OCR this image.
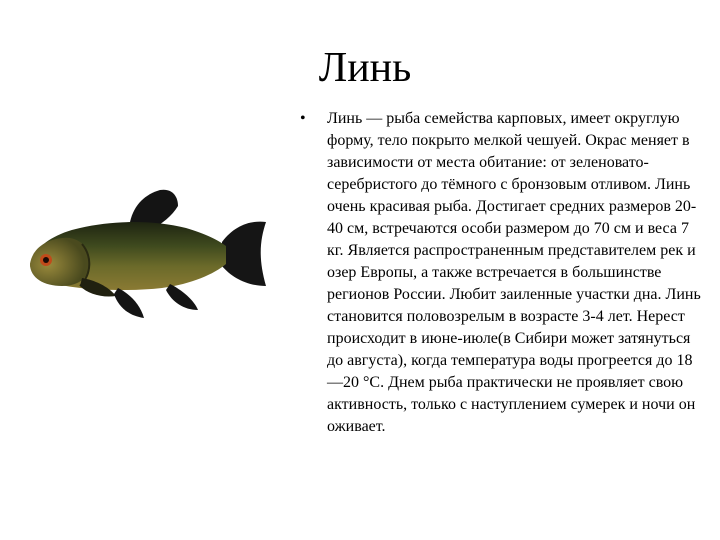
Линь
• Линь — рыба семейства карповых, имеет округлую форму, тело покрыто мелкой чешуей. Окрас меняет в зависимости от места обитание: от зеленовато-серебристого до тёмного с бронзовым отливом. Линь очень красивая рыба. Достигает средних размеров 20-40 см, встречаются особи размером до 70 см и веса 7 кг. Является распространенным представителем рек и озер Европы, а также встречается в большинстве регионов России. Любит заиленные участки дна. Линь становится половозрелым в возрасте 3-4 лет. Нерест происходит в июне-июле(в Сибири может затянуться до августа), когда температура воды прогреется до 18—20 °C. Днем рыба практически не проявляет свою активность, только с наступлением сумерек и ночи он оживает.
